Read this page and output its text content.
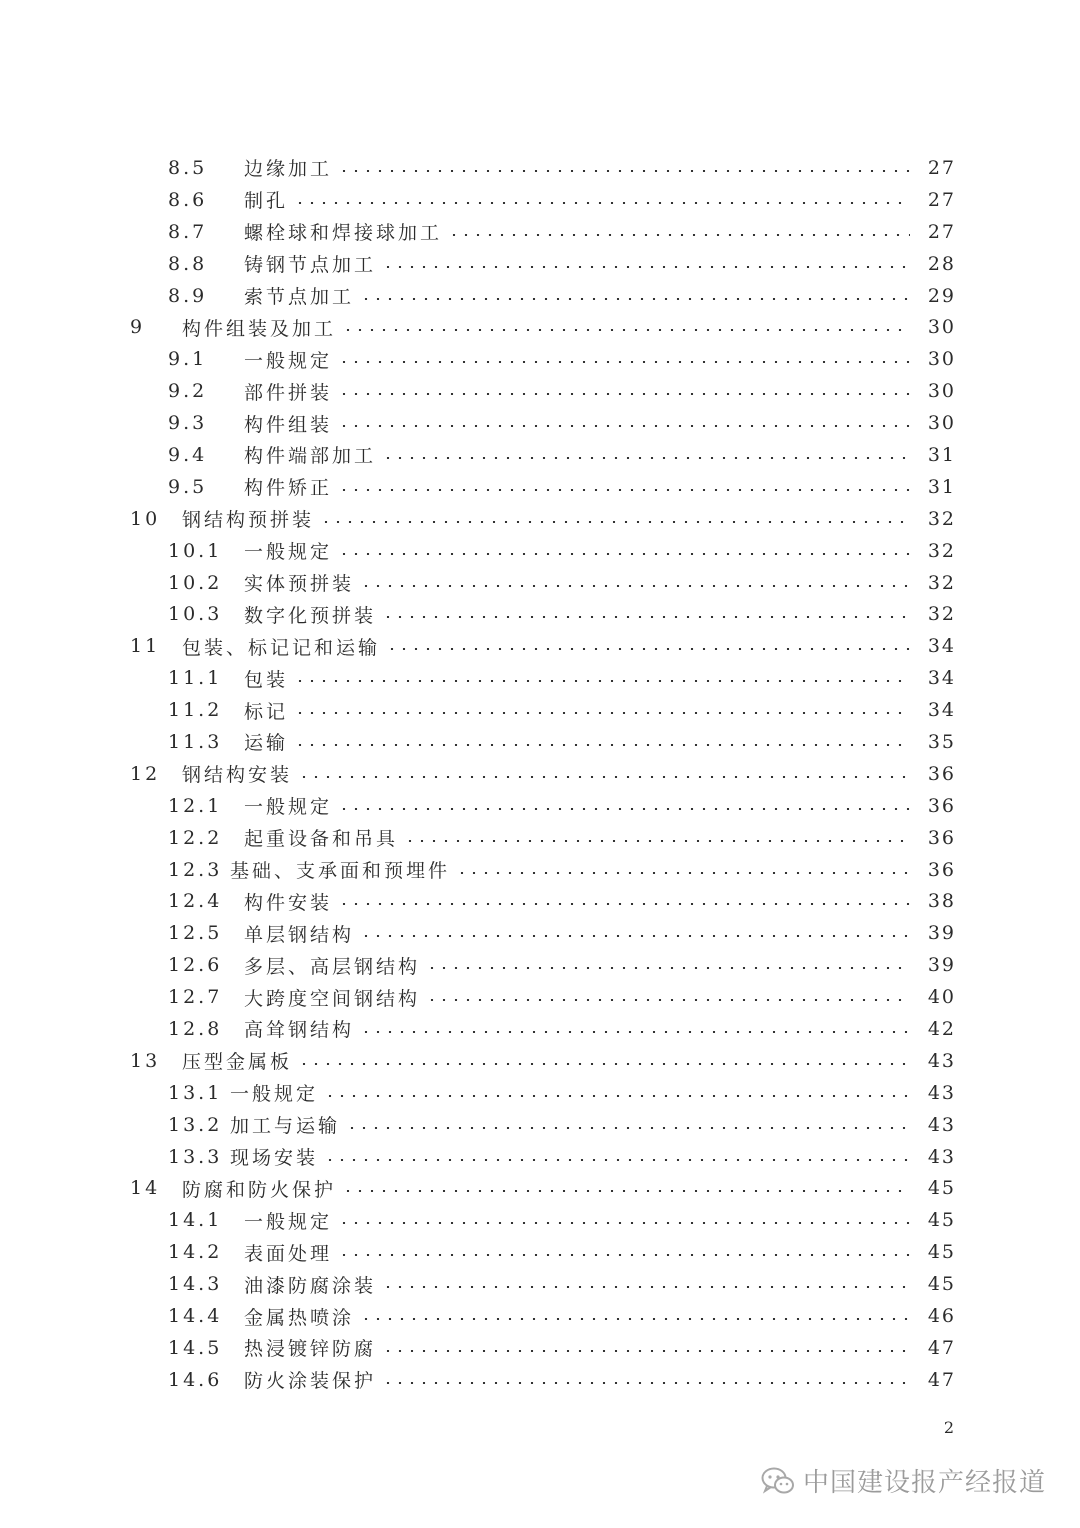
8.5	边缘加工	27
8.6	制孔	27
8.7	螺栓球和焊接球加工	27
8.8	铸钢节点加工	28
8.9	索节点加工	29
9	构件组装及加工	30
9.1	一般规定	30
9.2	部件拼装	30
9.3	构件组装	30
9.4	构件端部加工	31
9.5	构件矫正	31
10	钢结构预拼装	32
10.1	一般规定	32
10.2	实体预拼装	32
10.3	数字化预拼装	32
11	包装、标记记和运输	34
11.1	包装	34
11.2	标记	34
11.3	运输	35
12	钢结构安装	36
12.1	一般规定	36
12.2	起重设备和吊具	36
12.3 基础、支承面和预埋件	36
12.4	构件安装	38
12.5	单层钢结构	39
12.6	多层、高层钢结构	39
12.7	大跨度空间钢结构	40
12.8	高耸钢结构	42
13	压型金属板	43
13.1 一般规定	43
13.2 加工与运输	43
13.3 现场安装	43
14	防腐和防火保护	45
14.1	一般规定	45
14.2	表面处理	45
14.3	油漆防腐涂装	45
14.4	金属热喷涂	46
14.5	热浸镀锌防腐	47
14.6	防火涂装保护	47
2
中国建设报产经报道
